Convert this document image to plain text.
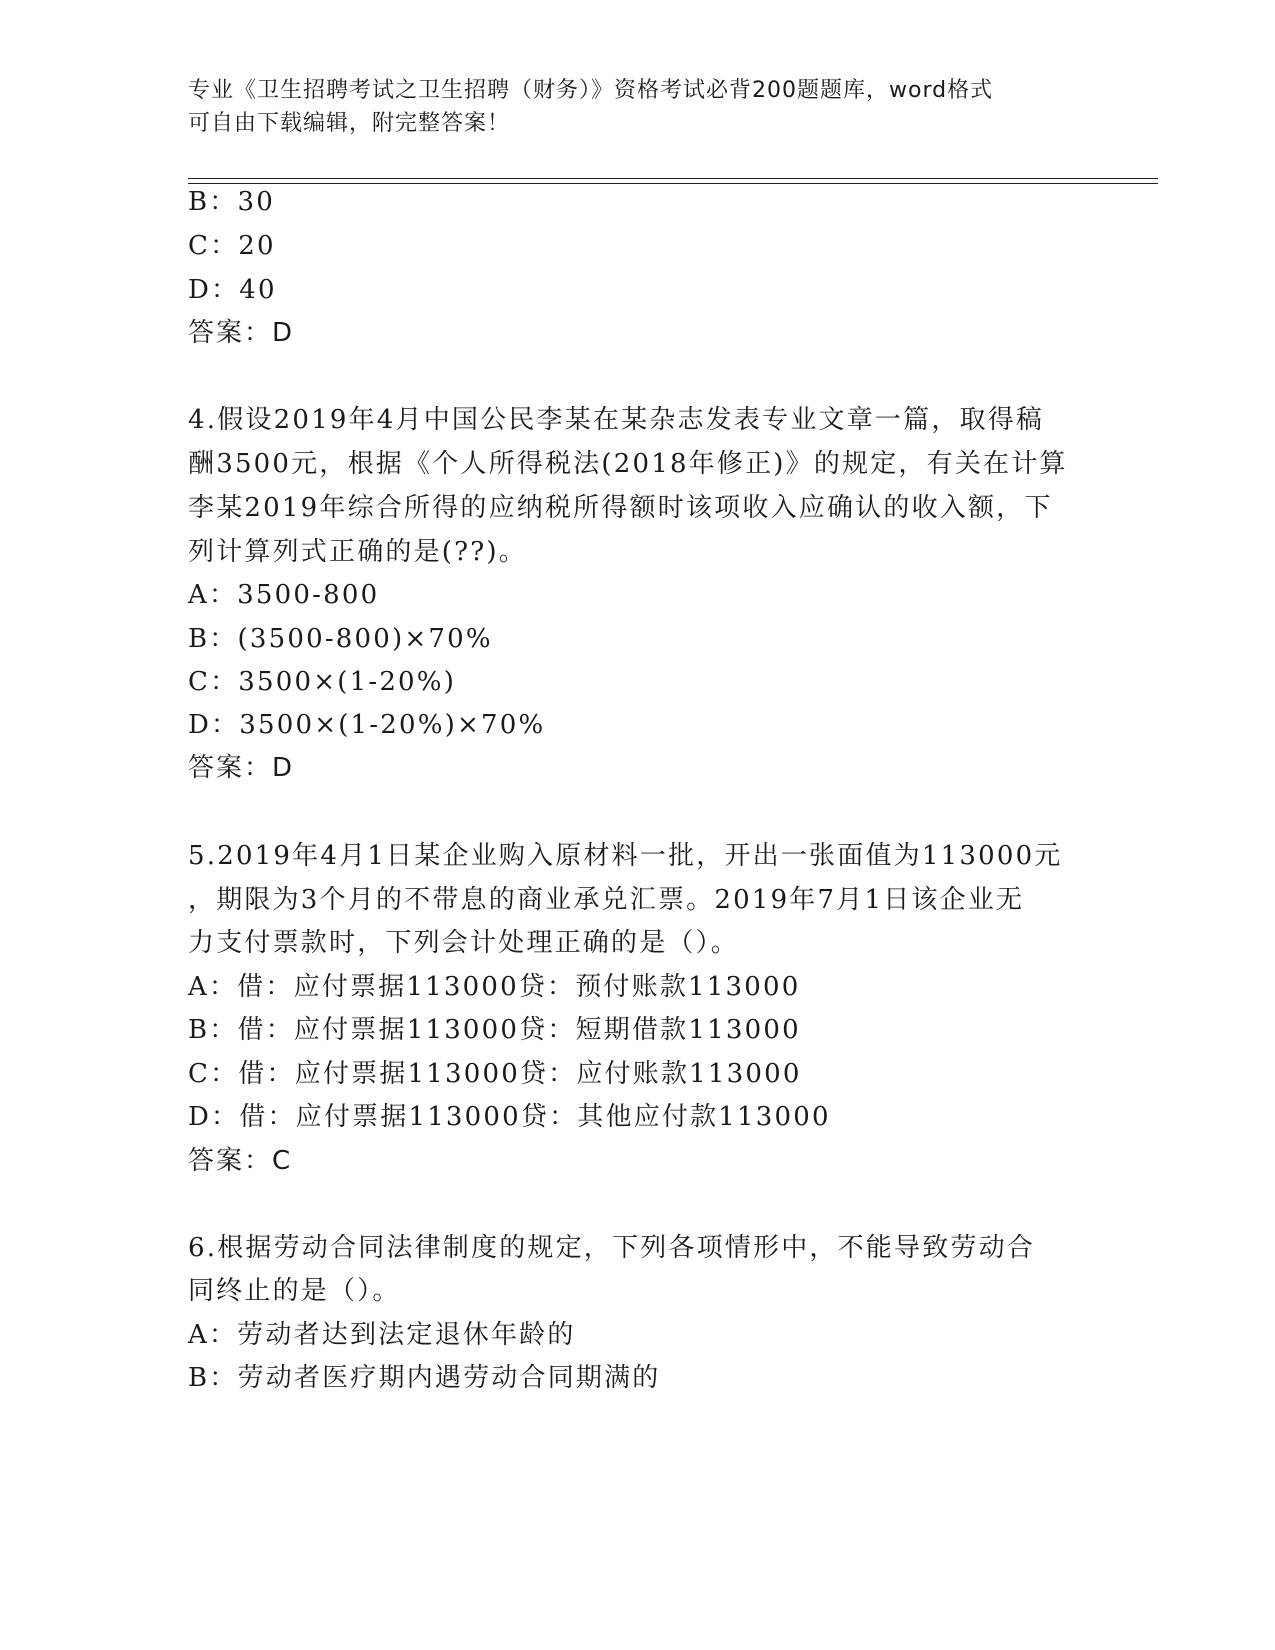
专业《卫生招聘考试之卫生招聘（财务）》资格考试必背200题题库，word格式
可自由下载编辑，附完整答案！
B：30
C：20
D：40
答案：D
4.假设2019年4月中国公民李某在某杂志发表专业文章一篇，取得稿
酬3500元，根据《个人所得税法(2018年修正)》的规定，有关在计算
李某2019年综合所得的应纳税所得额时该项收入应确认的收入额，下
列计算列式正确的是(??)。
A：3500-800
B：(3500-800)×70%
C：3500×(1-20%)
D：3500×(1-20%)×70%
答案：D
5.2019年4月1日某企业购入原材料一批，开出一张面值为113000元
，期限为3个月的不带息的商业承兑汇票。2019年7月1日该企业无
力支付票款时，下列会计处理正确的是（）。
A：借：应付票据113000贷：预付账款113000
B：借：应付票据113000贷：短期借款113000
C：借：应付票据113000贷：应付账款113000
D：借：应付票据113000贷：其他应付款113000
答案：C
6.根据劳动合同法律制度的规定，下列各项情形中，不能导致劳动合
同终止的是（）。
A：劳动者达到法定退休年龄的
B：劳动者医疗期内遇劳动合同期满的
